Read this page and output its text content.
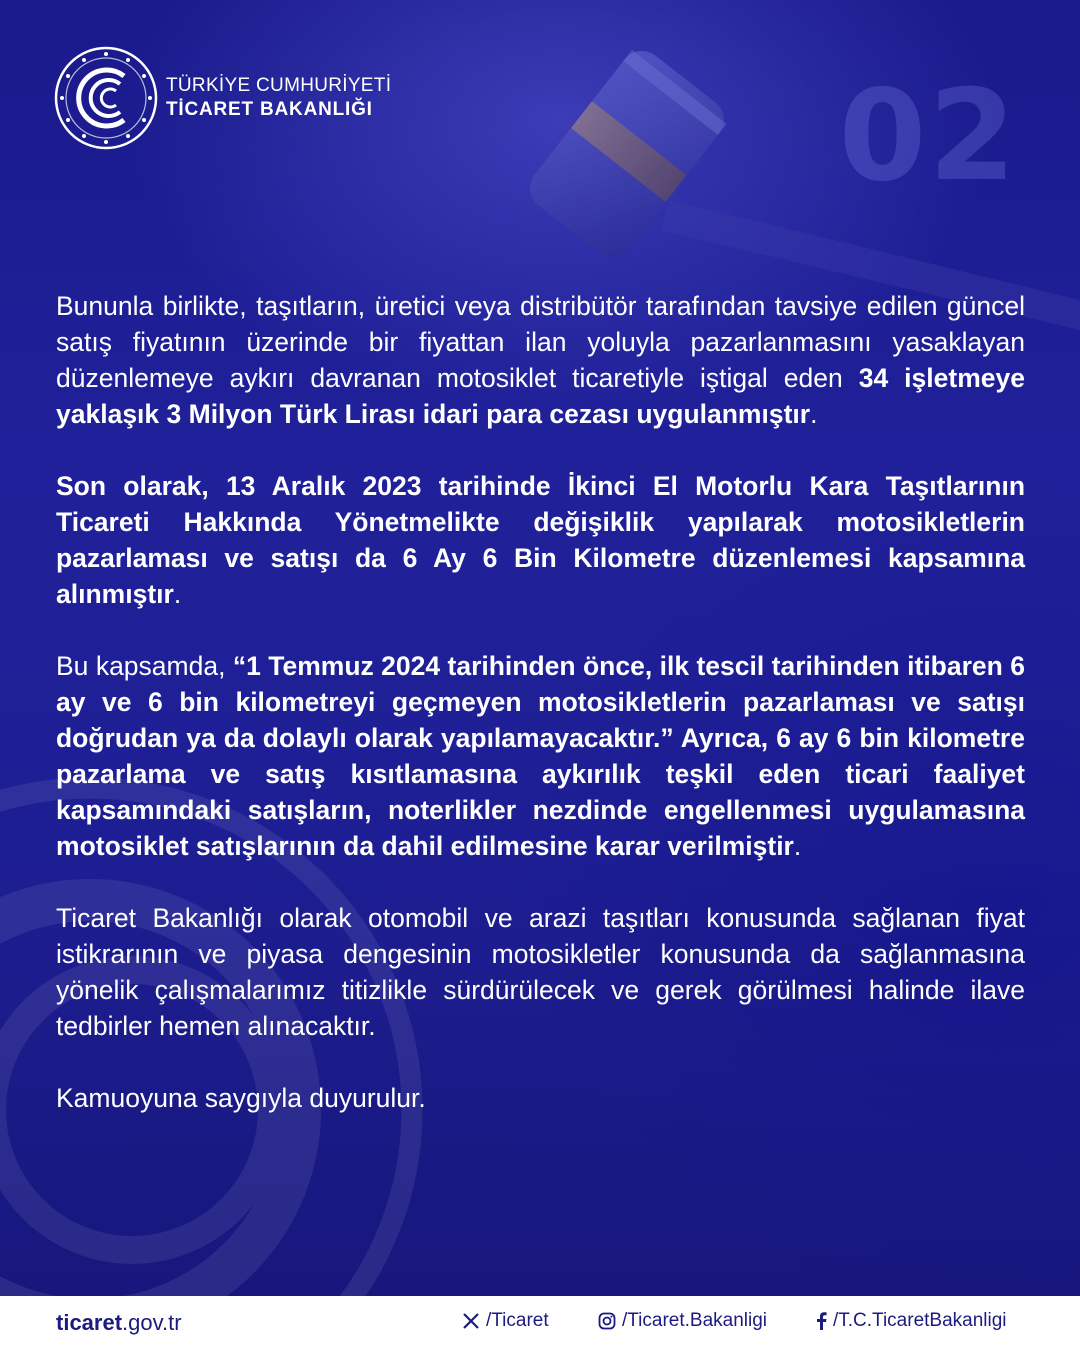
TÜRKİYE CUMHURİYETİ
TİCARET BAKANLIĞI	02

Bununla birlikte, taşıtların, üretici veya distribütör tarafından tavsiye edilen güncel satış fiyatının üzerinde bir fiyattan ilan yoluyla pazarlanmasını yasaklayan düzenlemeye aykırı davranan motosiklet ticaretiyle iştigal eden 34 işletmeye yaklaşık 3 Milyon Türk Lirası idari para cezası uygulanmıştır.

Son olarak, 13 Aralık 2023 tarihinde İkinci El Motorlu Kara Taşıtlarının Ticareti Hakkında Yönetmelikte değişiklik yapılarak motosikletlerin pazarlaması ve satışı da 6 Ay 6 Bin Kilometre düzenlemesi kapsamına alınmıştır.

Bu kapsamda, “1 Temmuz 2024 tarihinden önce, ilk tescil tarihinden itibaren 6 ay ve 6 bin kilometreyi geçmeyen motosikletlerin pazarlaması ve satışı doğrudan ya da dolaylı olarak yapılamayacaktır.” Ayrıca, 6 ay 6 bin kilometre pazarlama ve satış kısıtlamasına aykırılık teşkil eden ticari faaliyet kapsamındaki satışların, noterlikler nezdinde engellenmesi uygulamasına motosiklet satışlarının da dahil edilmesine karar verilmiştir.

Ticaret Bakanlığı olarak otomobil ve arazi taşıtları konusunda sağlanan fiyat istikrarının ve piyasa dengesinin motosikletler konusunda da sağlanmasına yönelik çalışmalarımız titizlikle sürdürülecek ve gerek görülmesi halinde ilave tedbirler hemen alınacaktır.

Kamuoyuna saygıyla duyurulur.

ticaret.gov.tr	/Ticaret	/Ticaret.Bakanligi	/T.C.TicaretBakanligi
